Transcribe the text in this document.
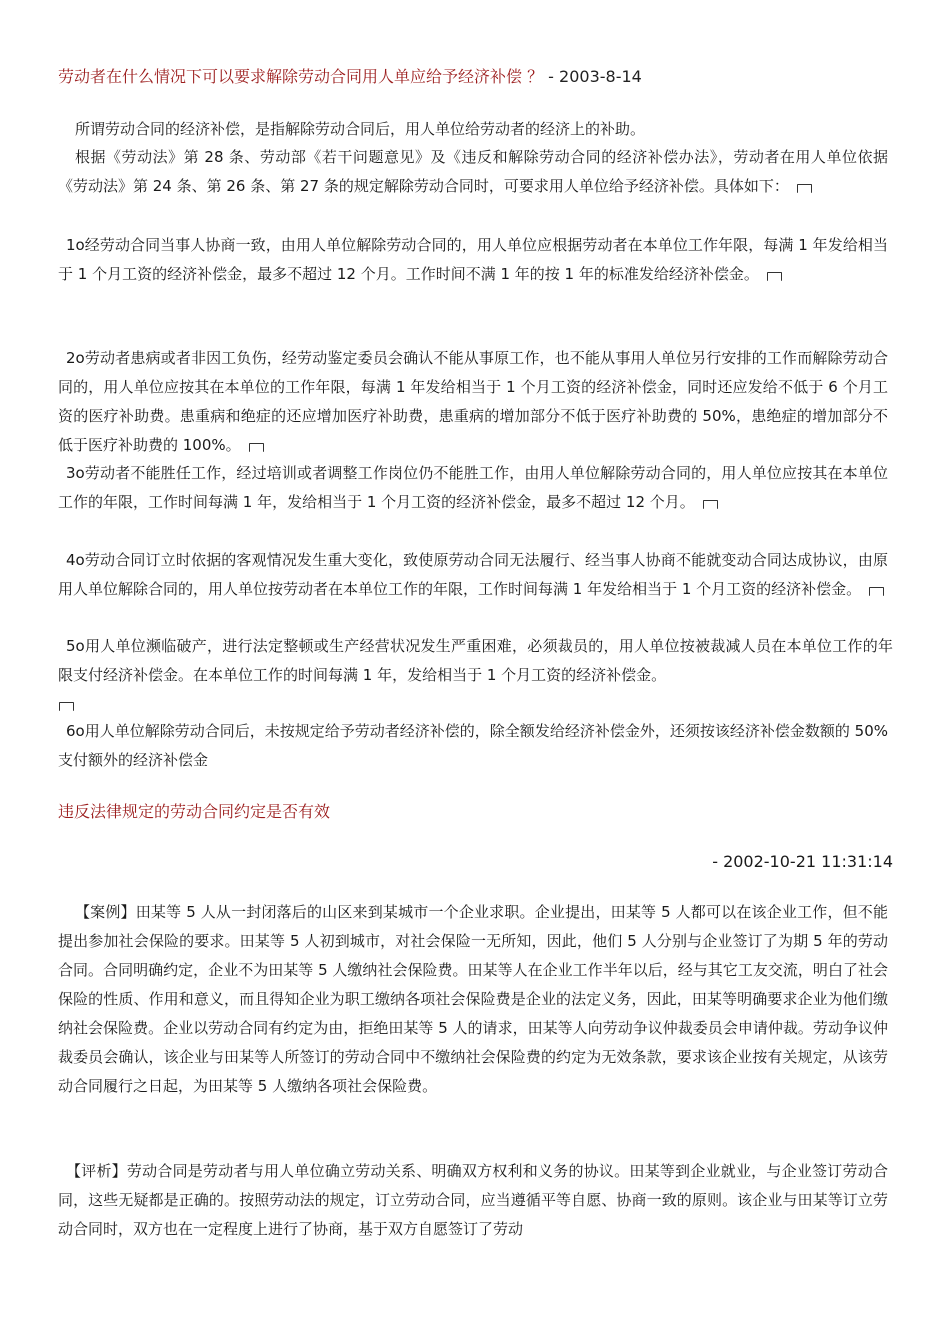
劳动者在什么情况下可以要求解除劳动合同用人单应给予经济补偿 ？ - 2003-8-14

所谓劳动合同的经济补偿，是指解除劳动合同后，用人单位给劳动者的经济上的补助。

根据《劳动法》第 28 条、劳动部《若干问题意见》及《违反和解除劳动合同的经济补偿办法》，劳动者在用人单位依据《劳动法》第 24 条、第 26 条、第 27 条的规定解除劳动合同时，可要求用人单位给予经济补偿。具体如下：

1o经劳动合同当事人协商一致，由用人单位解除劳动合同的，用人单位应根据劳动者在本单位工作年限，每满 1 年发给相当于 1 个月工资的经济补偿金，最多不超过 12 个月。工作时间不满 1 年的按 1 年的标准发给经济补偿金。

2o劳动者患病或者非因工负伤，经劳动鉴定委员会确认不能从事原工作，也不能从事用人单位另行安排的工作而解除劳动合同的，用人单位应按其在本单位的工作年限，每满 1 年发给相当于 1 个月工资的经济补偿金，同时还应发给不低于 6 个月工资的医疗补助费。患重病和绝症的还应增加医疗补助费，患重病的增加部分不低于医疗补助费的 50%，患绝症的增加部分不低于医疗补助费的 100%。

3o劳动者不能胜任工作，经过培训或者调整工作岗位仍不能胜工作，由用人单位解除劳动合同的，用人单位应按其在本单位工作的年限，工作时间每满 1 年，发给相当于 1 个月工资的经济补偿金，最多不超过 12 个月。

4o劳动合同订立时依据的客观情况发生重大变化，致使原劳动合同无法履行、经当事人协商不能就变动合同达成协议，由原用人单位解除合同的，用人单位按劳动者在本单位工作的年限，工作时间每满 1 年发给相当于 1 个月工资的经济补偿金。

5o用人单位濒临破产，进行法定整顿或生产经营状况发生严重困难，必须裁员的，用人单位按被裁减人员在本单位工作的年限支付经济补偿金。在本单位工作的时间每满 1 年，发给相当于 1 个月工资的经济补偿金。

6o用人单位解除劳动合同后，未按规定给予劳动者经济补偿的，除全额发给经济补偿金外，还须按该经济补偿金数额的 50%支付额外的经济补偿金

违反法律规定的劳动合同约定是否有效

- 2002-10-21 11:31:14

【案例】田某等 5 人从一封闭落后的山区来到某城市一个企业求职。企业提出，田某等 5 人都可以在该企业工作，但不能提出参加社会保险的要求。田某等 5 人初到城市，对社会保险一无所知，因此，他们 5 人分别与企业签订了为期 5 年的劳动合同。合同明确约定，企业不为田某等 5 人缴纳社会保险费。田某等人在企业工作半年以后，经与其它工友交流，明白了社会保险的性质、作用和意义，而且得知企业为职工缴纳各项社会保险费是企业的法定义务，因此，田某等明确要求企业为他们缴纳社会保险费。企业以劳动合同有约定为由，拒绝田某等 5 人的请求，田某等人向劳动争议仲裁委员会申请仲裁。劳动争议仲裁委员会确认，该企业与田某等人所签订的劳动合同中不缴纳社会保险费的约定为无效条款，要求该企业按有关规定，从该劳动合同履行之日起，为田某等 5 人缴纳各项社会保险费。

【评析】劳动合同是劳动者与用人单位确立劳动关系、明确双方权利和义务的协议。田某等到企业就业，与企业签订劳动合同，这些无疑都是正确的。按照劳动法的规定，订立劳动合同，应当遵循平等自愿、协商一致的原则。该企业与田某等订立劳动合同时，双方也在一定程度上进行了协商，基于双方自愿签订了劳动
